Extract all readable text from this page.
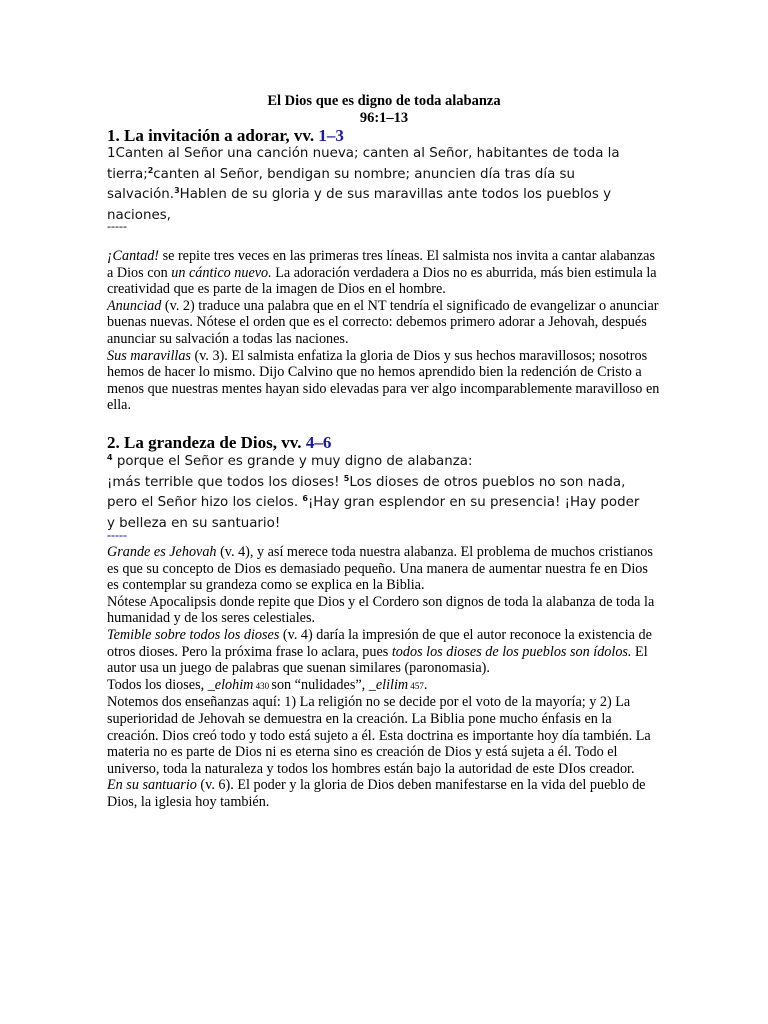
El Dios que es digno de toda alabanza
96:1–13
1. La invitación a adorar, vv. 1–3
1Canten al Señor una canción nueva; canten al Señor, habitantes de toda la
tierra;$^2$canten al Señor, bendigan su nombre; anuncien día tras día su
salvación.$^3$Hablen de su gloria y de sus maravillas ante todos los pueblos y
naciones,
-----

¡Cantad! se repite tres veces en las primeras tres líneas. El salmista nos invita a cantar alabanzas a Dios con un cántico nuevo. La adoración verdadera a Dios no es aburrida, más bien estimula la creatividad que es parte de la imagen de Dios en el hombre.

Anunciad (v. 2) traduce una palabra que en el NT tendría el significado de evangelizar o anunciar buenas nuevas. Nótese el orden que es el correcto: debemos primero adorar a Jehovah, después anunciar su salvación a todas las naciones.

Sus maravillas (v. 3). El salmista enfatiza la gloria de Dios y sus hechos maravillosos; nosotros hemos de hacer lo mismo. Dijo Calvino que no hemos aprendido bien la redención de Cristo a menos que nuestras mentes hayan sido elevadas para ver algo incomparablemente maravilloso en ella.

2. La grandeza de Dios, vv. 4–6
$^4$ porque el Señor es grande y muy digno de alabanza:
¡más terrible que todos los dioses! $^5$Los dioses de otros pueblos no son nada,
pero el Señor hizo los cielos. $^6$¡Hay gran esplendor en su presencia! ¡Hay poder
y belleza en su santuario!
-----

Grande es Jehovah (v. 4), y así merece toda nuestra alabanza. El problema de muchos cristianos es que su concepto de Dios es demasiado pequeño. Una manera de aumentar nuestra fe en Dios es contemplar su grandeza como se explica en la Biblia.

Nótese Apocalipsis donde repite que Dios y el Cordero son dignos de toda la alabanza de toda la humanidad y de los seres celestiales.

Temible sobre todos los dioses (v. 4) daría la impresión de que el autor reconoce la existencia de otros dioses. Pero la próxima frase lo aclara, pues todos los dioses de los pueblos son ídolos. El autor usa un juego de palabras que suenan similares (paronomasia).

Todos los dioses, _elohim 430 son “nulidades”, _elilim 457.

Notemos dos enseñanzas aquí: 1) La religión no se decide por el voto de la mayoría; y 2) La superioridad de Jehovah se demuestra en la creación. La Biblia pone mucho énfasis en la creación. Dios creó todo y todo está sujeto a él. Esta doctrina es importante hoy día también. La materia no es parte de Dios ni es eterna sino es creación de Dios y está sujeta a él. Todo el universo, toda la naturaleza y todos los hombres están bajo la autoridad de este DIos creador.

En su santuario (v. 6). El poder y la gloria de Dios deben manifestarse en la vida del pueblo de Dios, la iglesia hoy también.
